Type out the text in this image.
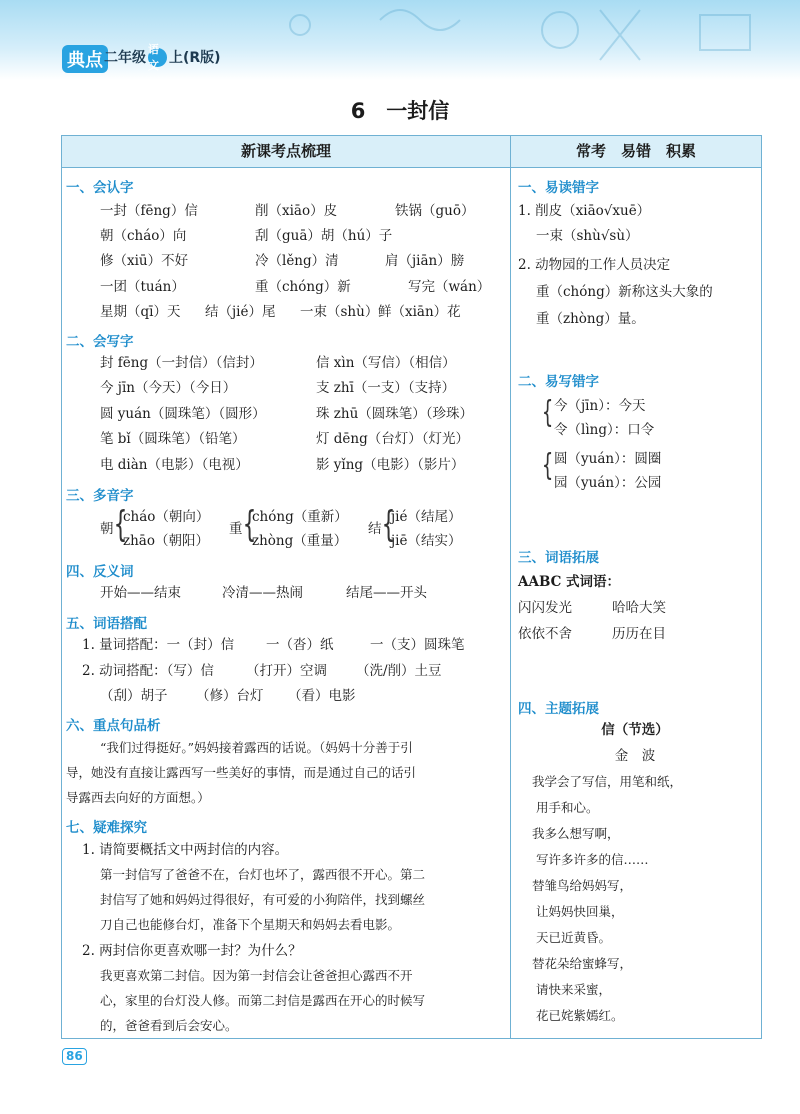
典点 二年级
语文 上(R版)
6　一封信
新课考点梳理	常考　易错　积累
一、会认字
一封（fēng）信	削（xiāo）皮	铁锅（guō）
朝（cháo）向	刮（guā）胡（hú）子
修（xiū）不好	冷（lěng）清	肩（jiān）膀
一团（tuán）	重（chóng）新	写完（wán）
星期（qī）天 结（jié）尾 一束（shù） 鲜（xiān）花
二、会写字
封 fēng（一封信）（信封）	信 xìn（写信）（相信）
今 jīn（今天）（今日）	支 zhī（一支）（支持）
圆 yuán（圆珠笔）（圆形）	珠 zhū（圆珠笔）（珍珠）
笔 bǐ（圆珠笔）（铅笔）	灯 dēng（台灯）（灯光）
电 diàn（电影）（电视）	影 yǐng（电影）（影片）
三、多音字
朝 {
cháo（朝向）
zhāo（朝阳）
重 {
chóng（重新）
zhòng（重量）
结 {
jié（结尾）
jiē（结实）
四、反义词
开始——结束	冷清——热闹	结尾——开头
五、词语搭配
1. 量词搭配：一（封）信 一（沓）纸	一（支）圆珠笔
2. 动词搭配：（写）信 （打开）空调 （洗/削）土豆
（刮）胡子 （修）台灯 （看）电影
六、重点句品析
“我们过得挺好。”妈妈接着露西的话说。（妈妈十分善于引
导，她没有直接让露西写一些美好的事情，而是通过自己的话引
导露西去向好的方面想。）
七、疑难探究
1. 请简要概括文中两封信的内容。
第一封信写了爸爸不在，台灯也坏了，露西很不开心。第二
封信写了她和妈妈过得很好，有可爱的小狗陪伴，找到螺丝
刀自己也能修台灯，准备下个星期天和妈妈去看电影。
2. 两封信你更喜欢哪一封？为什么？
我更喜欢第二封信。因为第一封信会让爸爸担心露西不开
心，家里的台灯没人修。而第二封信是露西在开心的时候写
的，爸爸看到后会安心。
一、易读错字
1. 削皮（xiāo√xuē）
一束（shù√sù）
2. 动物园的工作人员决定
重（chóng）新称这头大象的
重（zhòng）量。
二、易写错字
{ 今（jīn）：今天
令（lìng）：口令
{ 圆（yuán）：圆圈
园（yuán）：公园
三、词语拓展
AABC 式词语：
闪闪发光	哈哈大笑
依依不舍	历历在目
四、主题拓展
信（节选）
金　波
我学会了写信，用笔和纸，
用手和心。
我多么想写啊，
写许多许多的信……
替雏鸟给妈妈写，
让妈妈快回巢，
天已近黄昏。
替花朵给蜜蜂写，
请快来采蜜，
花已姹紫嫣红。
86
